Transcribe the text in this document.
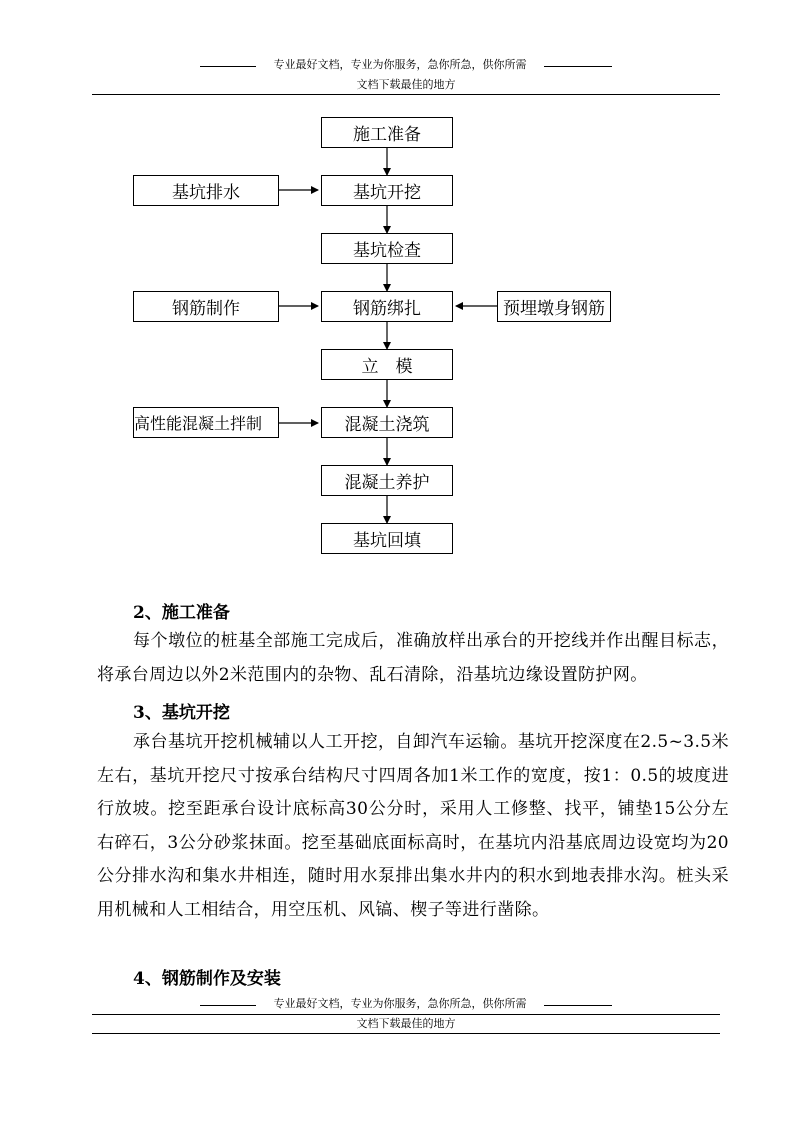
专业最好文档，专业为你服务，急你所急，供你所需
文档下载最佳的地方
施工准备
基坑开挖
基坑检查
钢筋绑扎
立　模
混凝土浇筑
混凝土养护
基坑回填
基坑排水
钢筋制作
高性能混凝土拌制
预埋墩身钢筋
2、施工准备
每个墩位的桩基全部施工完成后，准确放样出承台的开挖线并作出醒目标志，将承台周边以外2米范围内的杂物、乱石清除，沿基坑边缘设置防护网。
3、基坑开挖
承台基坑开挖机械辅以人工开挖，自卸汽车运输。基坑开挖深度在2.5~3.5米左右，基坑开挖尺寸按承台结构尺寸四周各加1米工作的宽度，按1：0.5的坡度进行放坡。挖至距承台设计底标高30公分时，采用人工修整、找平，铺垫15公分左右碎石，3公分砂浆抹面。挖至基础底面标高时，在基坑内沿基底周边设宽均为20公分排水沟和集水井相连，随时用水泵排出集水井内的积水到地表排水沟。桩头采用机械和人工相结合，用空压机、风镐、楔子等进行凿除。
4、钢筋制作及安装
专业最好文档，专业为你服务，急你所急，供你所需
文档下载最佳的地方
